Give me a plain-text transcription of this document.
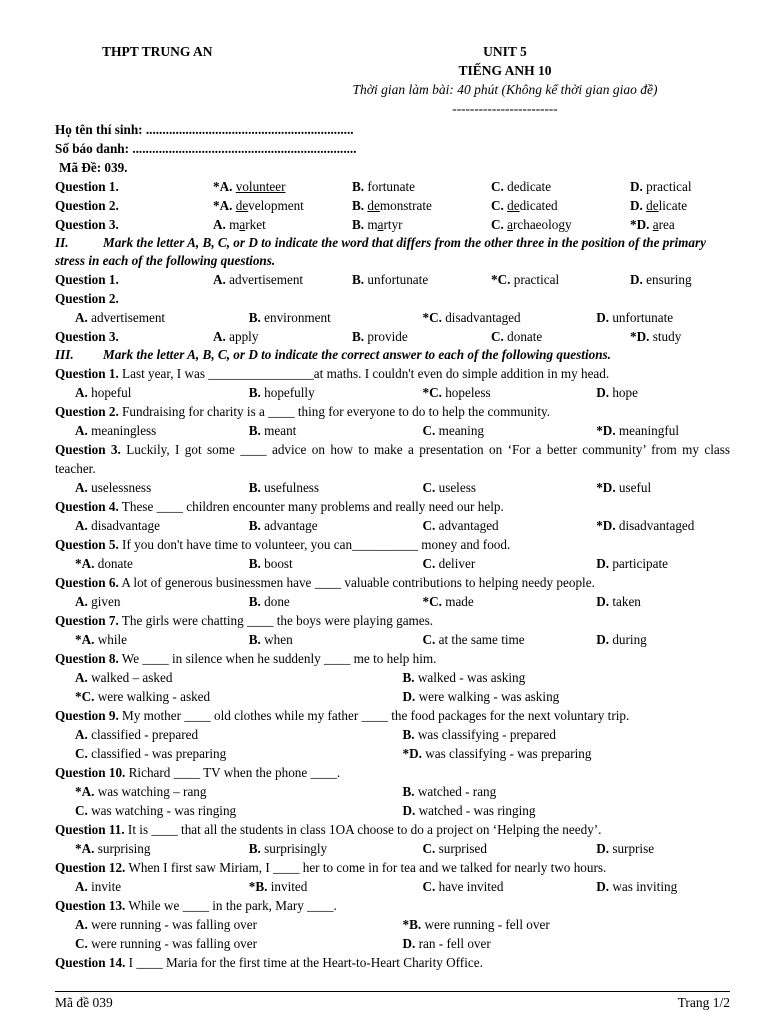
THPT TRUNG AN	UNIT 5
TIẾNG ANH 10
Thời gian làm bài: 40 phút (Không kể thời gian giao đề)
------------------------
Họ tên thí sinh: ...............................................................
Số báo danh: ....................................................................
Mã Đề: 039.
Question 1.	*A. volunteer	B. fortunate	C. dedicate	D. practical
Question 2.	*A. development	B. demonstrate	C. dedicated	D. delicate
Question 3.	A. market	B. martyr	C. archaeology	*D. area
II.	Mark the letter A, B, C, or D to indicate the word that differs from the other three in the position of the primary stress in each of the following questions.
Question 1.	A. advertisement	B. unfortunate	*C. practical	D. ensuring
Question 2.
A. advertisement	B. environment	*C. disadvantaged	D. unfortunate
Question 3.	A. apply	B. provide	C. donate	*D. study
III. Mark the letter A, B, C, or D to indicate the correct answer to each of the following questions.
Question 1. Last year, I was ________________at maths. I couldn't even do simple addition in my head.
A. hopeful	B. hopefully	*C. hopeless	D. hope
Question 2. Fundraising for charity is a ____ thing for everyone to do to help the community.
A. meaningless	B. meant	C. meaning	*D. meaningful
Question 3. Luckily, I got some ____ advice on how to make a presentation on ‘For a better community’ from my class teacher.
A. uselessness	B. usefulness	C. useless	*D. useful
Question 4. These ____ children encounter many problems and really need our help.
A. disadvantage	B. advantage	C. advantaged	*D. disadvantaged
Question 5. If you don't have time to volunteer, you can__________ money and food.
*A. donate	B. boost	C. deliver	D. participate
Question 6. A lot of generous businessmen have ____ valuable contributions to helping needy people.
A. given	B. done	*C. made	D. taken
Question 7. The girls were chatting ____ the boys were playing games.
*A. while	B. when	C. at the same time	D. during
Question 8. We ____ in silence when he suddenly ____ me to help him.
A. walked – asked	B. walked - was asking
*C. were walking - asked	D. were walking - was asking
Question 9. My mother ____ old clothes while my father ____ the food packages for the next voluntary trip.
A. classified - prepared	B. was classifying - prepared
C. classified - was preparing	*D. was classifying - was preparing
Question 10. Richard ____ TV when the phone ____.
*A. was watching – rang	B. watched - rang
C. was watching - was ringing	D. watched - was ringing
Question 11. It is ____ that all the students in class 1OA choose to do a project on ‘Helping the needy’.
*A. surprising	B. surprisingly	C. surprised	D. surprise
Question 12. When I first saw Miriam, I ____ her to come in for tea and we talked for nearly two hours.
A. invite	*B. invited	C. have invited	D. was inviting
Question 13. While we ____ in the park, Mary ____.
A. were running - was falling over	*B. were running - fell over
C. were running - was falling over	D. ran - fell over
Question 14. I ____ Maria for the first time at the Heart-to-Heart Charity Office.
Mã đề 039	Trang 1/2
